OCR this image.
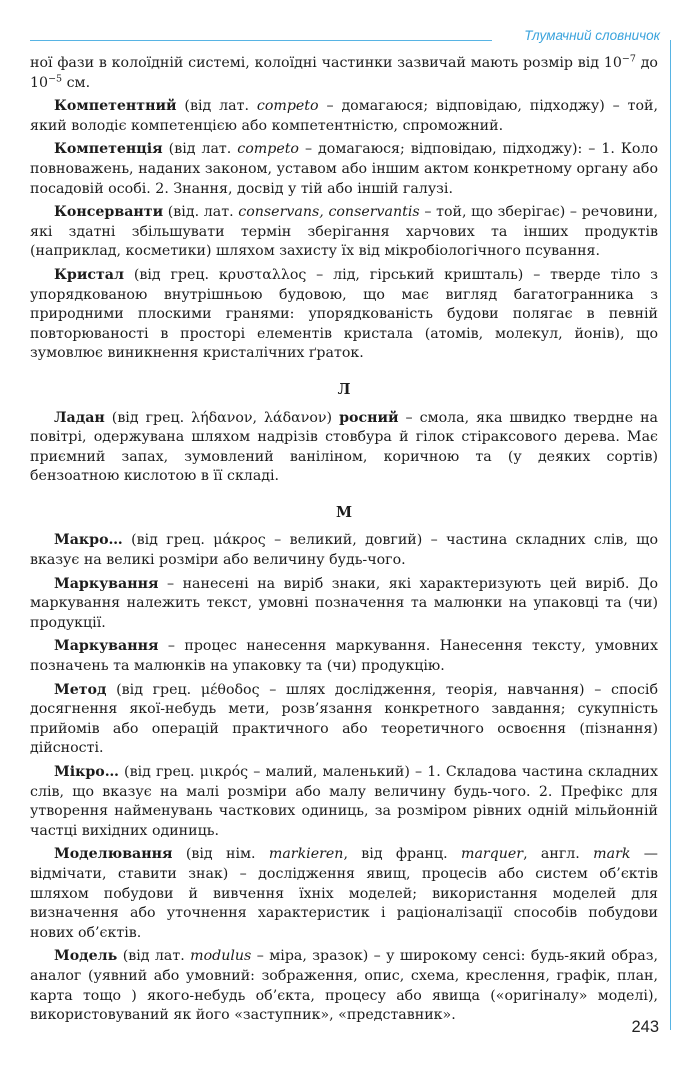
Тлумачний словничок

ної фази в колоїдній системі, колоїдні частинки зазвичай мають розмір від $10^{-7}$ до $10^{-5}$ см.

Компетентний (від лат. competo – домагаюся; відповідаю, підходжу) – той, який володіє компетенцією або компетентністю, спроможний.

Компетенція (від лат. competo – домагаюся; відповідаю, підходжу): – 1. Коло повноважень, наданих законом, уставом або іншим актом конкретному органу або посадовій особі. 2. Знання, досвід у тій або іншій галузі.

Консерванти (від. лат. conservans, conservantis – той, що зберігає) – речовини, які здатні збільшувати термін зберігання харчових та інших продуктів (наприклад, косметики) шляхом захисту їх від мікробіологічного псування.

Кристал (від грец. κρυσταλλος – лід, гірський кришталь) – тверде тіло з упорядкованою внутрішньою будовою, що має вигляд багатогранника з природними плоскими гранями: упорядкованість будови полягає в певній повторюваності в просторі елементів кристала (атомів, молекул, йонів), що зумовлює виникнення кристалічних ґраток.

Л

Ладан (від грец. λήδανον, λάδανον) росний – смола, яка швидко твердне на повітрі, одержувана шляхом надрізів стовбура й гілок стіраксового дерева. Має приємний запах, зумовлений ваніліном, коричною та (у деяких сортів) бензоатною кислотою в її складі.

М

Макро… (від грец. μάκρος – великий, довгий) – частина складних слів, що вказує на великі розміри або величину будь-чого.

Маркування – нанесені на виріб знаки, які характеризують цей виріб. До маркування належить текст, умовні позначення та малюнки на упаковці та (чи) продукції.

Маркування – процес нанесення маркування. Нанесення тексту, умовних позначень та малюнків на упаковку та (чи) продукцію.

Метод (від грец. μέθοδος – шлях дослідження, теорія, навчання) – спосіб досягнення якої-небудь мети, розв’язання конкретного завдання; сукупність прийомів або операцій практичного або теоретичного освоєння (пізнання) дійсності.

Мікро… (від грец. μικρός – малий, маленький) – 1. Складова частина складних слів, що вказує на малі розміри або малу величину будь-чого. 2. Префікс для утворення найменувань часткових одиниць, за розміром рівних одній мільйонній частці вихідних одиниць.

Моделювання (від нім. markieren, від франц. marquer, англ. mark — відмічати, ставити знак) – дослідження явищ, процесів або систем об’єктів шляхом побудови й вивчення їхніх моделей; використання моделей для визначення або уточнення характеристик і раціоналізації способів побудови нових об’єктів.

Модель (від лат. modulus – міра, зразок) – у широкому сенсі: будь-який образ, аналог (уявний або умовний: зображення, опис, схема, креслення, графік, план, карта тощо ) якого-небудь об’єкта, процесу або явища («оригіналу» моделі), використовуваний як його «заступник», «представник».

243
